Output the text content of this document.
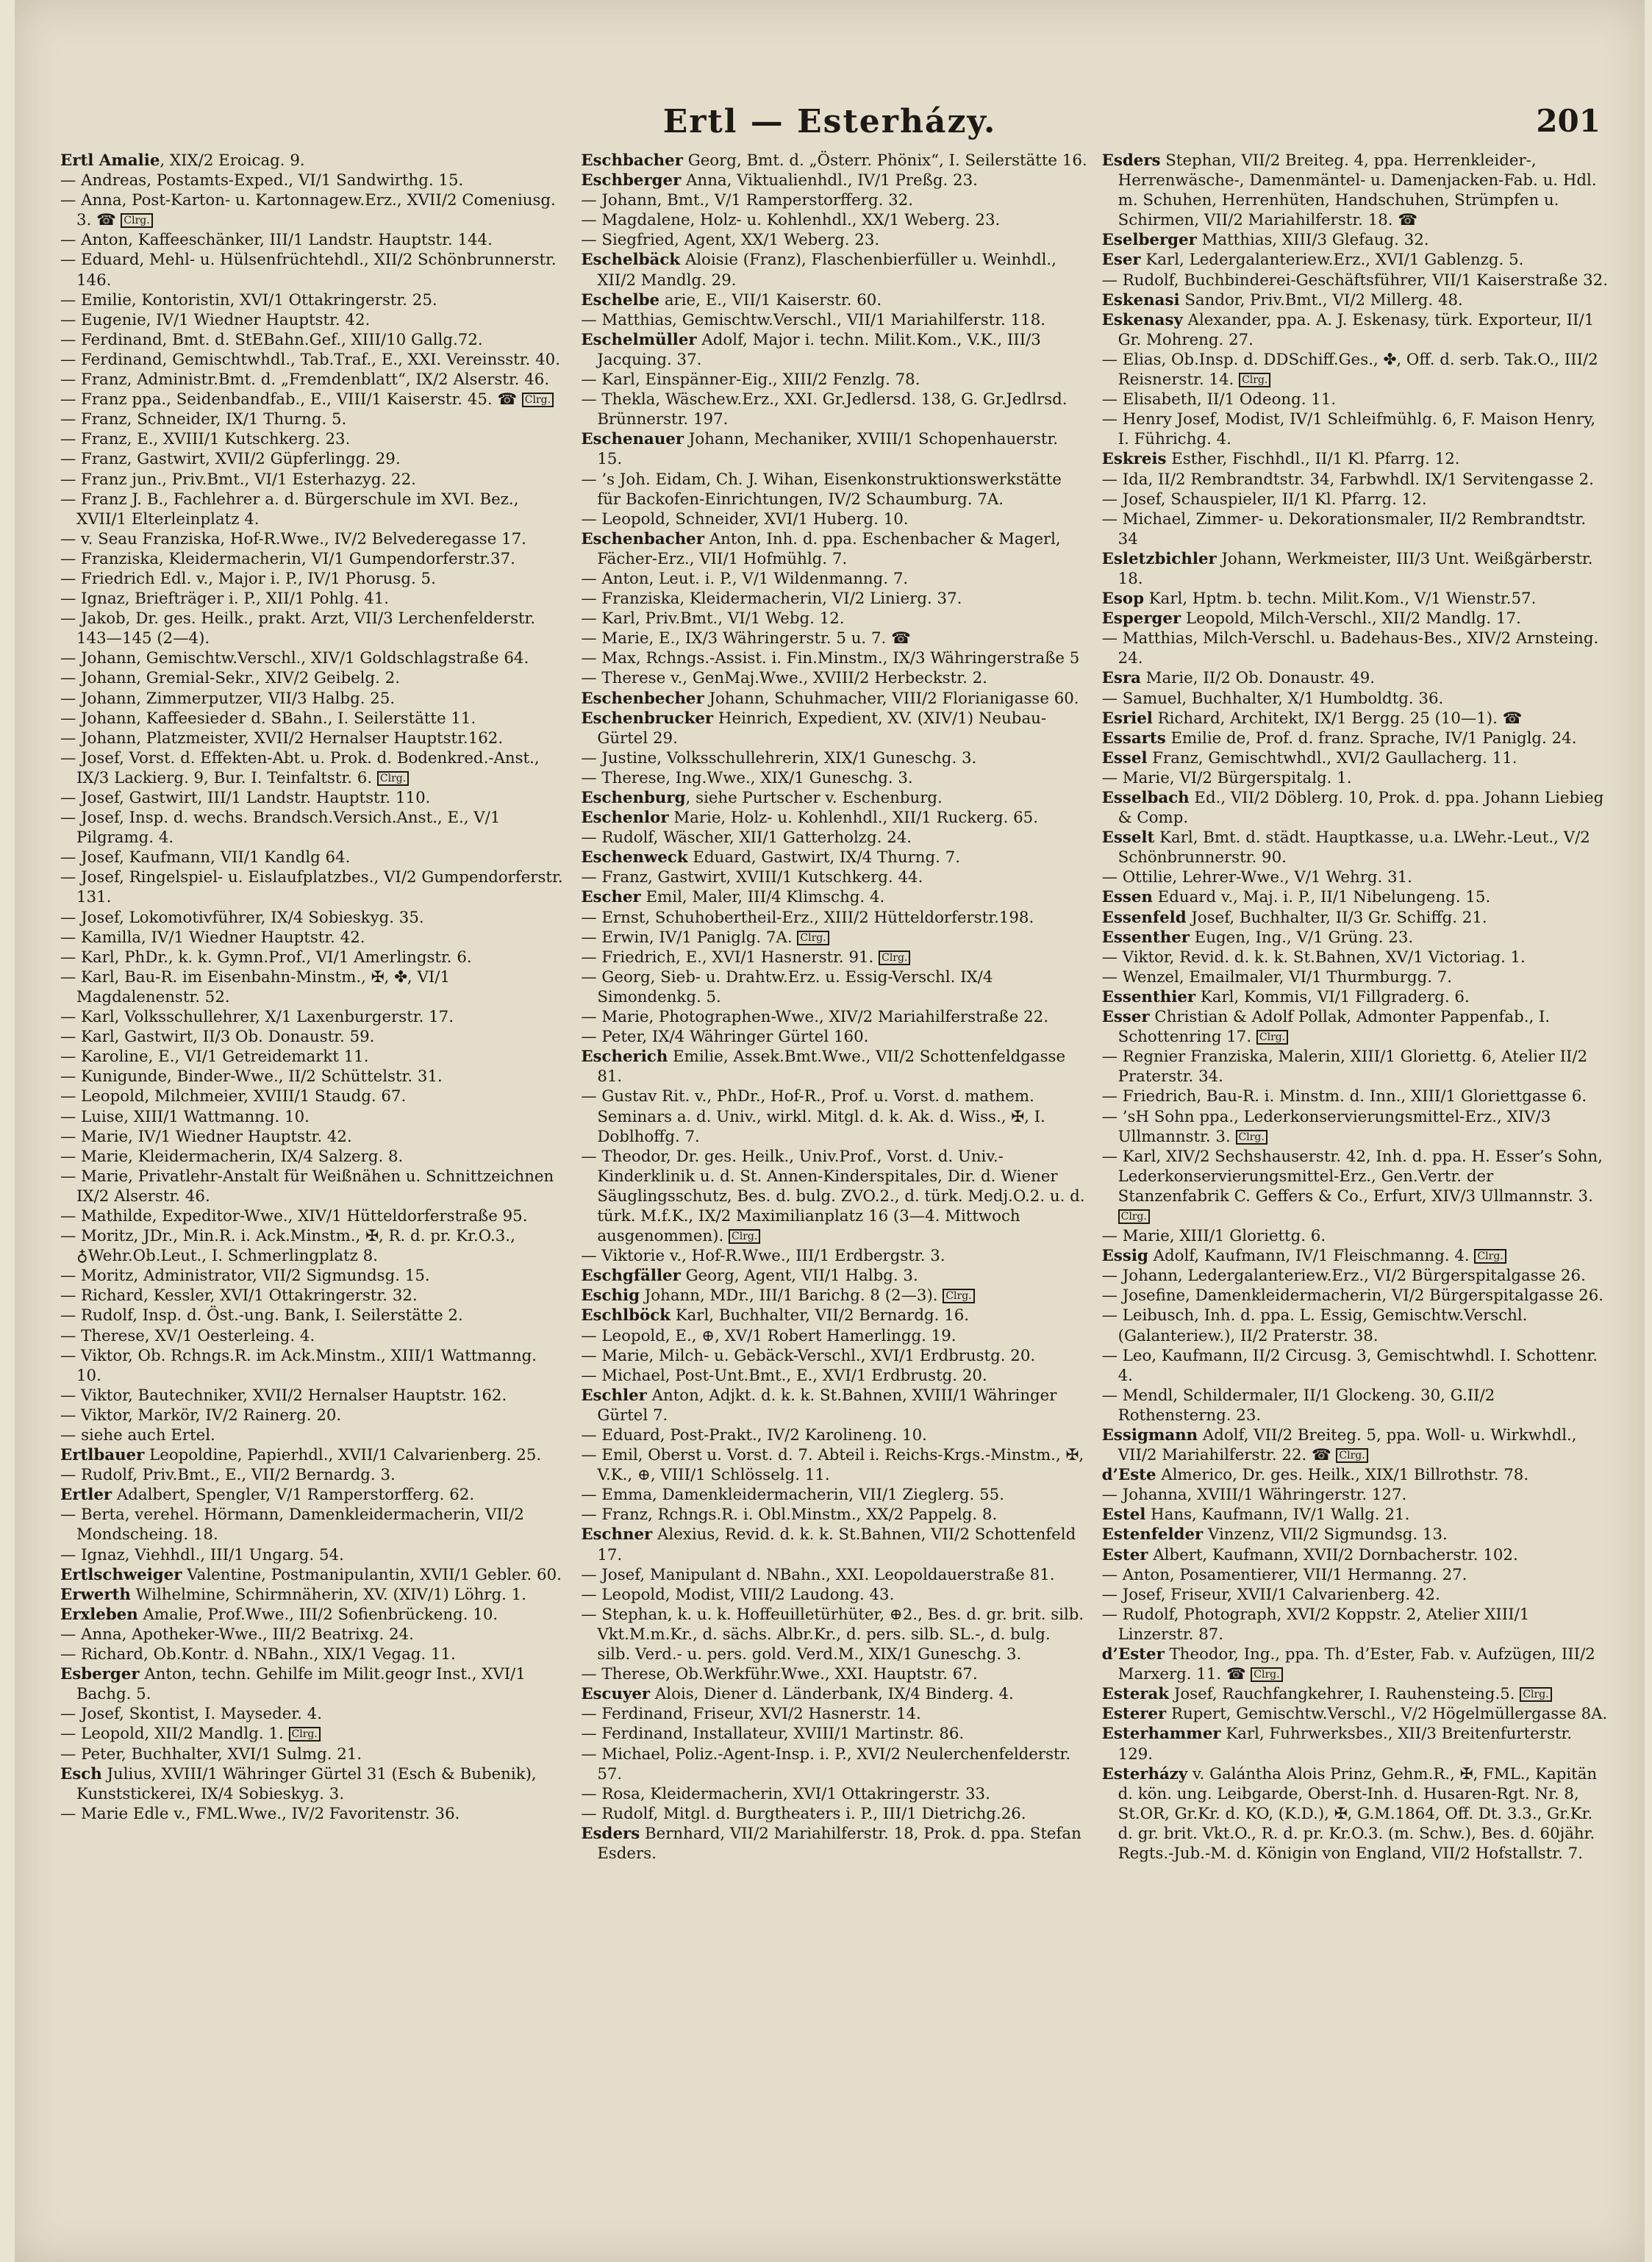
Ertl — Esterházy.	201

Ertl Amalie, XIX/2 Eroicag. 9.

— Andreas, Postamts-Exped., VI/1 Sandwirthg. 15.

— Anna, Post-Karton- u. Kartonnagew.Erz., XVII/2 Comeniusg. 3. ☎ Clrg.

— Anton, Kaffeeschänker, III/1 Landstr. Hauptstr. 144.

— Eduard, Mehl- u. Hülsenfrüchtehdl., XII/2 Schönbrunnerstr. 146.

— Emilie, Kontoristin, XVI/1 Ottakringerstr. 25.

— Eugenie, IV/1 Wiedner Hauptstr. 42.

— Ferdinand, Bmt. d. StEBahn.Gef., XIII/10 Gallg.72.

— Ferdinand, Gemischtwhdl., Tab.Traf., E., XXI. Vereinsstr. 40.

— Franz, Administr.Bmt. d. „Fremdenblatt“, IX/2 Alserstr. 46.

— Franz ppa., Seidenbandfab., E., VIII/1 Kaiserstr. 45. ☎ Clrg.

— Franz, Schneider, IX/1 Thurng. 5.

— Franz, E., XVIII/1 Kutschkerg. 23.

— Franz, Gastwirt, XVII/2 Güpferlingg. 29.

— Franz jun., Priv.Bmt., VI/1 Esterhazyg. 22.

— Franz J. B., Fachlehrer a. d. Bürgerschule im XVI. Bez., XVII/1 Elterleinplatz 4.

— v. Seau Franziska, Hof-R.Wwe., IV/2 Belvederegasse 17.

— Franziska, Kleidermacherin, VI/1 Gumpendorferstr.37.

— Friedrich Edl. v., Major i. P., IV/1 Phorusg. 5.

— Ignaz, Briefträger i. P., XII/1 Pohlg. 41.

— Jakob, Dr. ges. Heilk., prakt. Arzt, VII/3 Lerchenfelderstr. 143—145 (2—4).

— Johann, Gemischtw.Verschl., XIV/1 Goldschlagstraße 64.

— Johann, Gremial-Sekr., XIV/2 Geibelg. 2.

— Johann, Zimmerputzer, VII/3 Halbg. 25.

— Johann, Kaffeesieder d. SBahn., I. Seilerstätte 11.

— Johann, Platzmeister, XVII/2 Hernalser Hauptstr.162.

— Josef, Vorst. d. Effekten-Abt. u. Prok. d. Bodenkred.-Anst., IX/3 Lackierg. 9, Bur. I. Teinfaltstr. 6. Clrg.

— Josef, Gastwirt, III/1 Landstr. Hauptstr. 110.

— Josef, Insp. d. wechs. Brandsch.Versich.Anst., E., V/1 Pilgramg. 4.

— Josef, Kaufmann, VII/1 Kandlg 64.

— Josef, Ringelspiel- u. Eislaufplatzbes., VI/2 Gumpendorferstr. 131.

— Josef, Lokomotivführer, IX/4 Sobieskyg. 35.

— Kamilla, IV/1 Wiedner Hauptstr. 42.

— Karl, PhDr., k. k. Gymn.Prof., VI/1 Amerlingstr. 6.

— Karl, Bau-R. im Eisenbahn-Minstm., ✠, ✤, VI/1 Magdalenenstr. 52.

— Karl, Volksschullehrer, X/1 Laxenburgerstr. 17.

— Karl, Gastwirt, II/3 Ob. Donaustr. 59.

— Karoline, E., VI/1 Getreidemarkt 11.

— Kunigunde, Binder-Wwe., II/2 Schüttelstr. 31.

— Leopold, Milchmeier, XVIII/1 Staudg. 67.

— Luise, XIII/1 Wattmanng. 10.

— Marie, IV/1 Wiedner Hauptstr. 42.

— Marie, Kleidermacherin, IX/4 Salzerg. 8.

— Marie, Privatlehr-Anstalt für Weißnähen u. Schnittzeichnen IX/2 Alserstr. 46.

— Mathilde, Expeditor-Wwe., XIV/1 Hütteldorferstraße 95.

— Moritz, JDr., Min.R. i. Ack.Minstm., ✠, R. d. pr. Kr.O.3., ♁Wehr.Ob.Leut., I. Schmerlingplatz 8.

— Moritz, Administrator, VII/2 Sigmundsg. 15.

— Richard, Kessler, XVI/1 Ottakringerstr. 32.

— Rudolf, Insp. d. Öst.-ung. Bank, I. Seilerstätte 2.

— Therese, XV/1 Oesterleing. 4.

— Viktor, Ob. Rchngs.R. im Ack.Minstm., XIII/1 Wattmanng. 10.

— Viktor, Bautechniker, XVII/2 Hernalser Hauptstr. 162.

— Viktor, Markör, IV/2 Rainerg. 20.

— siehe auch Ertel.

Ertlbauer Leopoldine, Papierhdl., XVII/1 Calvarienberg. 25.

— Rudolf, Priv.Bmt., E., VII/2 Bernardg. 3.

Ertler Adalbert, Spengler, V/1 Ramperstorfferg. 62.

— Berta, verehel. Hörmann, Damenkleidermacherin, VII/2 Mondscheing. 18.

— Ignaz, Viehhdl., III/1 Ungarg. 54.

Ertlschweiger Valentine, Postmanipulantin, XVII/1 Gebler. 60.

Erwerth Wilhelmine, Schirmnäherin, XV. (XIV/1) Löhrg. 1.

Erxleben Amalie, Prof.Wwe., III/2 Sofienbrückeng. 10.

— Anna, Apotheker-Wwe., III/2 Beatrixg. 24.

— Richard, Ob.Kontr. d. NBahn., XIX/1 Vegag. 11.

Esberger Anton, techn. Gehilfe im Milit.geogr Inst., XVI/1 Bachg. 5.

— Josef, Skontist, I. Mayseder. 4.

— Leopold, XII/2 Mandlg. 1. Clrg.

— Peter, Buchhalter, XVI/1 Sulmg. 21.

Esch Julius, XVIII/1 Währinger Gürtel 31 (Esch & Bubenik), Kunststickerei, IX/4 Sobieskyg. 3.

— Marie Edle v., FML.Wwe., IV/2 Favoritenstr. 36.

Eschbacher Georg, Bmt. d. „Österr. Phönix“, I. Seilerstätte 16.

Eschberger Anna, Viktualienhdl., IV/1 Preßg. 23.

— Johann, Bmt., V/1 Ramperstorfferg. 32.

— Magdalene, Holz- u. Kohlenhdl., XX/1 Weberg. 23.

— Siegfried, Agent, XX/1 Weberg. 23.

Eschelbäck Aloisie (Franz), Flaschenbierfüller u. Weinhdl., XII/2 Mandlg. 29.

Eschelbe arie, E., VII/1 Kaiserstr. 60.

— Matthias, Gemischtw.Verschl., VII/1 Mariahilferstr. 118.

Eschelmüller Adolf, Major i. techn. Milit.Kom., V.K., III/3 Jacquing. 37.

— Karl, Einspänner-Eig., XIII/2 Fenzlg. 78.

— Thekla, Wäschew.Erz., XXI. Gr.Jedlersd. 138, G. Gr.Jedlrsd. Brünnerstr. 197.

Eschenauer Johann, Mechaniker, XVIII/1 Schopenhauerstr. 15.

— ’s Joh. Eidam, Ch. J. Wihan, Eisenkonstruktionswerkstätte für Backofen-Einrichtungen, IV/2 Schaumburg. 7A.

— Leopold, Schneider, XVI/1 Huberg. 10.

Eschenbacher Anton, Inh. d. ppa. Eschenbacher & Magerl, Fächer-Erz., VII/1 Hofmühlg. 7.

— Anton, Leut. i. P., V/1 Wildenmanng. 7.

— Franziska, Kleidermacherin, VI/2 Linierg. 37.

— Karl, Priv.Bmt., VI/1 Webg. 12.

— Marie, E., IX/3 Währingerstr. 5 u. 7. ☎

— Max, Rchngs.-Assist. i. Fin.Minstm., IX/3 Währingerstraße 5

— Therese v., GenMaj.Wwe., XVIII/2 Herbeckstr. 2.

Eschenbecher Johann, Schuhmacher, VIII/2 Florianigasse 60.

Eschenbrucker Heinrich, Expedient, XV. (XIV/1) Neubau-Gürtel 29.

— Justine, Volksschullehrerin, XIX/1 Guneschg. 3.

— Therese, Ing.Wwe., XIX/1 Guneschg. 3.

Eschenburg, siehe Purtscher v. Eschenburg.

Eschenlor Marie, Holz- u. Kohlenhdl., XII/1 Ruckerg. 65.

— Rudolf, Wäscher, XII/1 Gatterholzg. 24.

Eschenweck Eduard, Gastwirt, IX/4 Thurng. 7.

— Franz, Gastwirt, XVIII/1 Kutschkerg. 44.

Escher Emil, Maler, III/4 Klimschg. 4.

— Ernst, Schuhobertheil-Erz., XIII/2 Hütteldorferstr.198.

— Erwin, IV/1 Paniglg. 7A. Clrg.

— Friedrich, E., XVI/1 Hasnerstr. 91. Clrg.

— Georg, Sieb- u. Drahtw.Erz. u. Essig-Verschl. IX/4 Simondenkg. 5.

— Marie, Photographen-Wwe., XIV/2 Mariahilferstraße 22.

— Peter, IX/4 Währinger Gürtel 160.

Escherich Emilie, Assek.Bmt.Wwe., VII/2 Schottenfeldgasse 81.

— Gustav Rit. v., PhDr., Hof-R., Prof. u. Vorst. d. mathem. Seminars a. d. Univ., wirkl. Mitgl. d. k. Ak. d. Wiss., ✠, I. Doblhoffg. 7.

— Theodor, Dr. ges. Heilk., Univ.Prof., Vorst. d. Univ.-Kinderklinik u. d. St. Annen-Kinderspitales, Dir. d. Wiener Säuglingsschutz, Bes. d. bulg. ZVO.2., d. türk. Medj.O.2. u. d. türk. M.f.K., IX/2 Maximilianplatz 16 (3—4. Mittwoch ausgenommen). Clrg.

— Viktorie v., Hof-R.Wwe., III/1 Erdbergstr. 3.

Eschgfäller Georg, Agent, VII/1 Halbg. 3.

Eschig Johann, MDr., III/1 Barichg. 8 (2—3). Clrg.

Eschlböck Karl, Buchhalter, VII/2 Bernardg. 16.

— Leopold, E., ⊕, XV/1 Robert Hamerlingg. 19.

— Marie, Milch- u. Gebäck-Verschl., XVI/1 Erdbrustg. 20.

— Michael, Post-Unt.Bmt., E., XVI/1 Erdbrustg. 20.

Eschler Anton, Adjkt. d. k. k. St.Bahnen, XVIII/1 Währinger Gürtel 7.

— Eduard, Post-Prakt., IV/2 Karolineng. 10.

— Emil, Oberst u. Vorst. d. 7. Abteil i. Reichs-Krgs.-Minstm., ✠, V.K., ⊕, VIII/1 Schlösselg. 11.

— Emma, Damenkleidermacherin, VII/1 Zieglerg. 55.

— Franz, Rchngs.R. i. Obl.Minstm., XX/2 Pappelg. 8.

Eschner Alexius, Revid. d. k. k. St.Bahnen, VII/2 Schottenfeld 17.

— Josef, Manipulant d. NBahn., XXI. Leopoldauerstraße 81.

— Leopold, Modist, VIII/2 Laudong. 43.

— Stephan, k. u. k. Hoffeuilletürhüter, ⊕2., Bes. d. gr. brit. silb. Vkt.M.m.Kr., d. sächs. Albr.Kr., d. pers. silb. SL.-, d. bulg. silb. Verd.- u. pers. gold. Verd.M., XIX/1 Guneschg. 3.

— Therese, Ob.Werkführ.Wwe., XXI. Hauptstr. 67.

Escuyer Alois, Diener d. Länderbank, IX/4 Binderg. 4.

— Ferdinand, Friseur, XVI/2 Hasnerstr. 14.

— Ferdinand, Installateur, XVIII/1 Martinstr. 86.

— Michael, Poliz.-Agent-Insp. i. P., XVI/2 Neulerchenfelderstr. 57.

— Rosa, Kleidermacherin, XVI/1 Ottakringerstr. 33.

— Rudolf, Mitgl. d. Burgtheaters i. P., III/1 Dietrichg.26.

Esders Bernhard, VII/2 Mariahilferstr. 18, Prok. d. ppa. Stefan Esders.

Esders Stephan, VII/2 Breiteg. 4, ppa. Herrenkleider-, Herrenwäsche-, Damenmäntel- u. Damenjacken-Fab. u. Hdl. m. Schuhen, Herrenhüten, Handschuhen, Strümpfen u. Schirmen, VII/2 Mariahilferstr. 18. ☎

Eselberger Matthias, XIII/3 Glefaug. 32.

Eser Karl, Ledergalanteriew.Erz., XVI/1 Gablenzg. 5.

— Rudolf, Buchbinderei-Geschäftsführer, VII/1 Kaiserstraße 32.

Eskenasi Sandor, Priv.Bmt., VI/2 Millerg. 48.

Eskenasy Alexander, ppa. A. J. Eskenasy, türk. Exporteur, II/1 Gr. Mohreng. 27.

— Elias, Ob.Insp. d. DDSchiff.Ges., ✤, Off. d. serb. Tak.O., III/2 Reisnerstr. 14. Clrg.

— Elisabeth, II/1 Odeong. 11.

— Henry Josef, Modist, IV/1 Schleifmühlg. 6, F. Maison Henry, I. Führichg. 4.

Eskreis Esther, Fischhdl., II/1 Kl. Pfarrg. 12.

— Ida, II/2 Rembrandtstr. 34, Farbwhdl. IX/1 Servitengasse 2.

— Josef, Schauspieler, II/1 Kl. Pfarrg. 12.

— Michael, Zimmer- u. Dekorationsmaler, II/2 Rembrandtstr. 34

Esletzbichler Johann, Werkmeister, III/3 Unt. Weißgärberstr. 18.

Esop Karl, Hptm. b. techn. Milit.Kom., V/1 Wienstr.57.

Esperger Leopold, Milch-Verschl., XII/2 Mandlg. 17.

— Matthias, Milch-Verschl. u. Badehaus-Bes., XIV/2 Arnsteing. 24.

Esra Marie, II/2 Ob. Donaustr. 49.

— Samuel, Buchhalter, X/1 Humboldtg. 36.

Esriel Richard, Architekt, IX/1 Bergg. 25 (10—1). ☎

Essarts Emilie de, Prof. d. franz. Sprache, IV/1 Paniglg. 24.

Essel Franz, Gemischtwhdl., XVI/2 Gaullacherg. 11.

— Marie, VI/2 Bürgerspitalg. 1.

Esselbach Ed., VII/2 Döblerg. 10, Prok. d. ppa. Johann Liebieg & Comp.

Esselt Karl, Bmt. d. städt. Hauptkasse, u.a. LWehr.-Leut., V/2 Schönbrunnerstr. 90.

— Ottilie, Lehrer-Wwe., V/1 Wehrg. 31.

Essen Eduard v., Maj. i. P., II/1 Nibelungeng. 15.

Essenfeld Josef, Buchhalter, II/3 Gr. Schiffg. 21.

Essenther Eugen, Ing., V/1 Grüng. 23.

— Viktor, Revid. d. k. k. St.Bahnen, XV/1 Victoriag. 1.

— Wenzel, Emailmaler, VI/1 Thurmburgg. 7.

Essenthier Karl, Kommis, VI/1 Fillgraderg. 6.

Esser Christian & Adolf Pollak, Admonter Pappenfab., I. Schottenring 17. Clrg.

— Regnier Franziska, Malerin, XIII/1 Gloriettg. 6, Atelier II/2 Praterstr. 34.

— Friedrich, Bau-R. i. Minstm. d. Inn., XIII/1 Gloriettgasse 6.

— ’sH Sohn ppa., Lederkonservierungsmittel-Erz., XIV/3 Ullmannstr. 3. Clrg.

— Karl, XIV/2 Sechshauserstr. 42, Inh. d. ppa. H. Esser’s Sohn, Lederkonservierungsmittel-Erz., Gen.Vertr. der Stanzenfabrik C. Geffers & Co., Erfurt, XIV/3 Ullmannstr. 3. Clrg.

— Marie, XIII/1 Gloriettg. 6.

Essig Adolf, Kaufmann, IV/1 Fleischmanng. 4. Clrg.

— Johann, Ledergalanteriew.Erz., VI/2 Bürgerspitalgasse 26.

— Josefine, Damenkleidermacherin, VI/2 Bürgerspitalgasse 26.

— Leibusch, Inh. d. ppa. L. Essig, Gemischtw.Verschl. (Galanteriew.), II/2 Praterstr. 38.

— Leo, Kaufmann, II/2 Circusg. 3, Gemischtwhdl. I. Schottenr. 4.

— Mendl, Schildermaler, II/1 Glockeng. 30, G.II/2 Rothensterng. 23.

Essigmann Adolf, VII/2 Breiteg. 5, ppa. Woll- u. Wirkwhdl., VII/2 Mariahilferstr. 22. ☎ Clrg.

d’Este Almerico, Dr. ges. Heilk., XIX/1 Billrothstr. 78.

— Johanna, XVIII/1 Währingerstr. 127.

Estel Hans, Kaufmann, IV/1 Wallg. 21.

Estenfelder Vinzenz, VII/2 Sigmundsg. 13.

Ester Albert, Kaufmann, XVII/2 Dornbacherstr. 102.

— Anton, Posamentierer, VII/1 Hermanng. 27.

— Josef, Friseur, XVII/1 Calvarienberg. 42.

— Rudolf, Photograph, XVI/2 Koppstr. 2, Atelier XIII/1 Linzerstr. 87.

d’Ester Theodor, Ing., ppa. Th. d’Ester, Fab. v. Aufzügen, III/2 Marxerg. 11. ☎ Clrg.

Esterak Josef, Rauchfangkehrer, I. Rauhensteing.5. Clrg.

Esterer Rupert, Gemischtw.Verschl., V/2 Högelmüllergasse 8A.

Esterhammer Karl, Fuhrwerksbes., XII/3 Breitenfurterstr. 129.

Esterházy v. Galántha Alois Prinz, Gehm.R., ✠, FML., Kapitän d. kön. ung. Leibgarde, Oberst-Inh. d. Husaren-Rgt. Nr. 8, St.OR, Gr.Kr. d. KO, (K.D.), ✠, G.M.1864, Off. Dt. 3.3., Gr.Kr. d. gr. brit. Vkt.O., R. d. pr. Kr.O.3. (m. Schw.), Bes. d. 60jähr. Regts.-Jub.-M. d. Königin von England, VII/2 Hofstallstr. 7.
